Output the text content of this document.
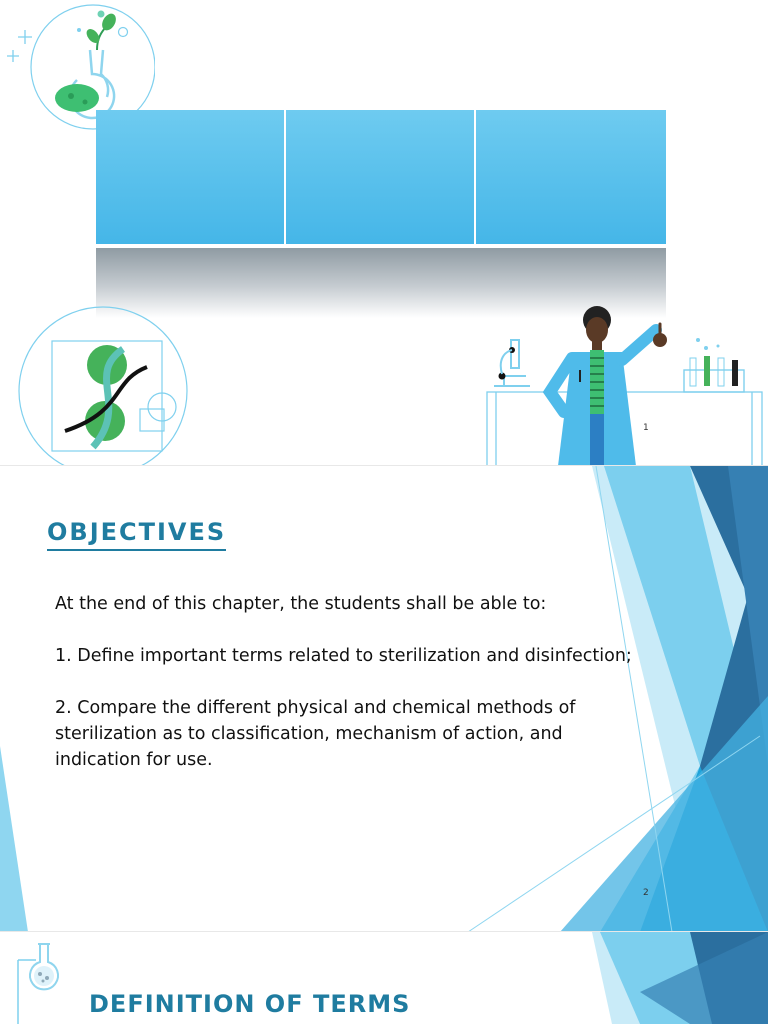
1
OBJECTIVES

At the end of this chapter, the students shall be able to:

1. Define important terms related to sterilization and disinfection;

2. Compare the different physical and chemical methods of sterilization as to classification, mechanism of action, and indication for use.

2
DEFINITION OF TERMS
